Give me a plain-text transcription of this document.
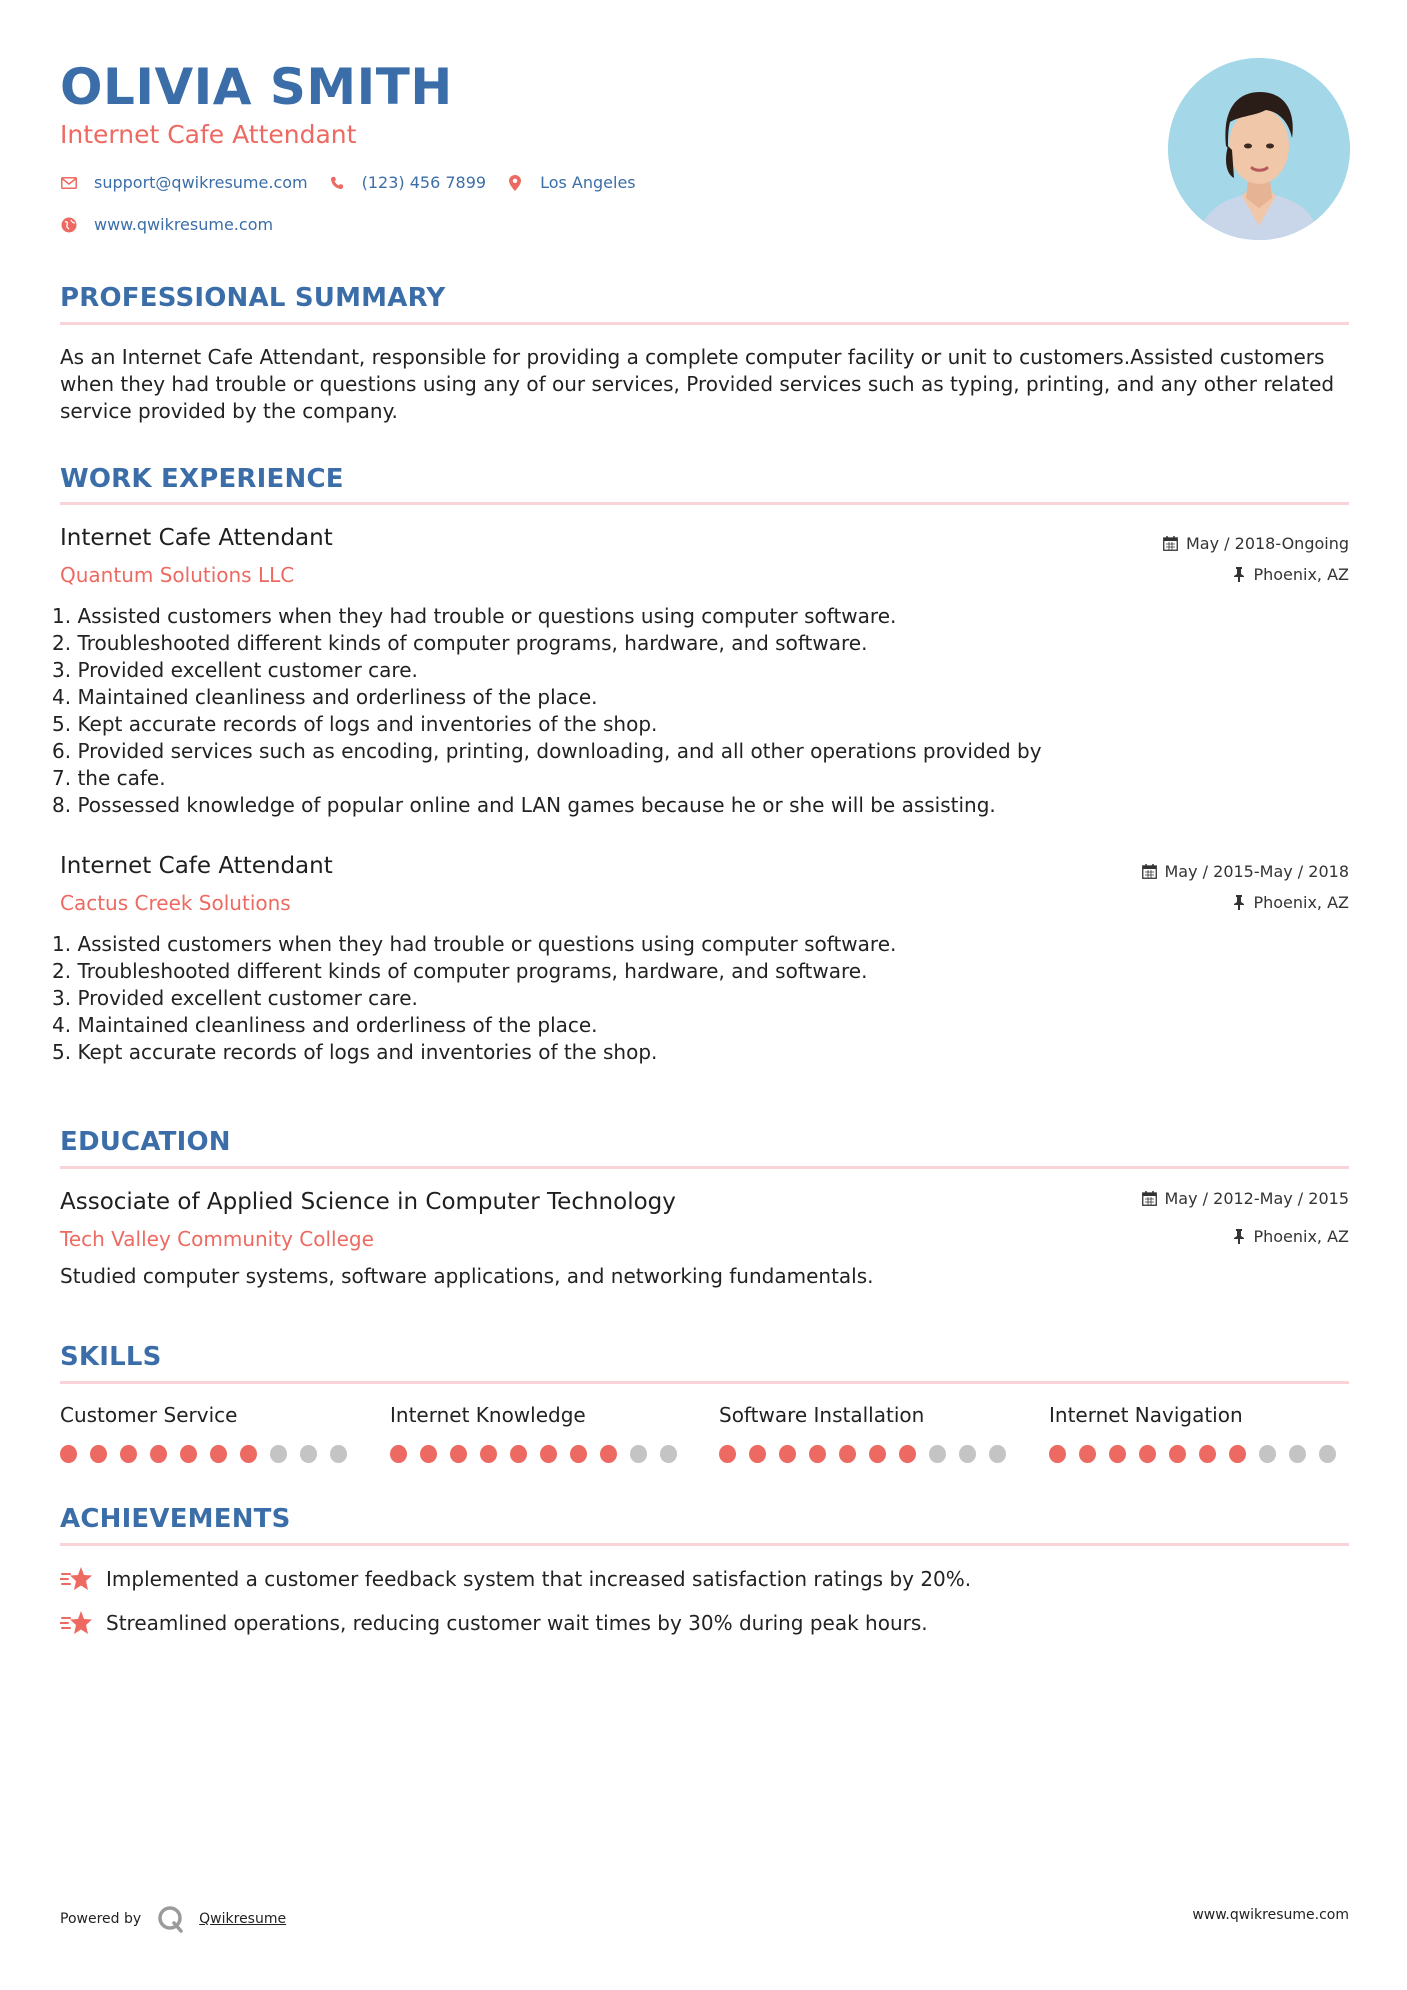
OLIVIA SMITH
Internet Cafe Attendant
support@qwikresume.com	(123) 456 7899	Los Angeles
www.qwikresume.com
PROFESSIONAL SUMMARY
As an Internet Cafe Attendant, responsible for providing a complete computer facility or unit to customers.Assisted customers when they had trouble or questions using any of our services, Provided services such as typing, printing, and any other related service provided by the company.
WORK EXPERIENCE
Internet Cafe Attendant
Quantum Solutions LLC
May / 2018-Ongoing
Phoenix, AZ
1. Assisted customers when they had trouble or questions using computer software.
2. Troubleshooted different kinds of computer programs, hardware, and software.
3. Provided excellent customer care.
4. Maintained cleanliness and orderliness of the place.
5. Kept accurate records of logs and inventories of the shop.
6. Provided services such as encoding, printing, downloading, and all other operations provided by
7. the cafe.
8. Possessed knowledge of popular online and LAN games because he or she will be assisting.
Internet Cafe Attendant
Cactus Creek Solutions
May / 2015-May / 2018
Phoenix, AZ
1. Assisted customers when they had trouble or questions using computer software.
2. Troubleshooted different kinds of computer programs, hardware, and software.
3. Provided excellent customer care.
4. Maintained cleanliness and orderliness of the place.
5. Kept accurate records of logs and inventories of the shop.
EDUCATION
Associate of Applied Science in Computer Technology
Tech Valley Community College
May / 2012-May / 2015
Phoenix, AZ
Studied computer systems, software applications, and networking fundamentals.
SKILLS
Customer Service	Internet Knowledge	Software Installation	Internet Navigation
ACHIEVEMENTS
Implemented a customer feedback system that increased satisfaction ratings by 20%.
Streamlined operations, reducing customer wait times by 30% during peak hours.
Powered by	Qwikresume	www.qwikresume.com
